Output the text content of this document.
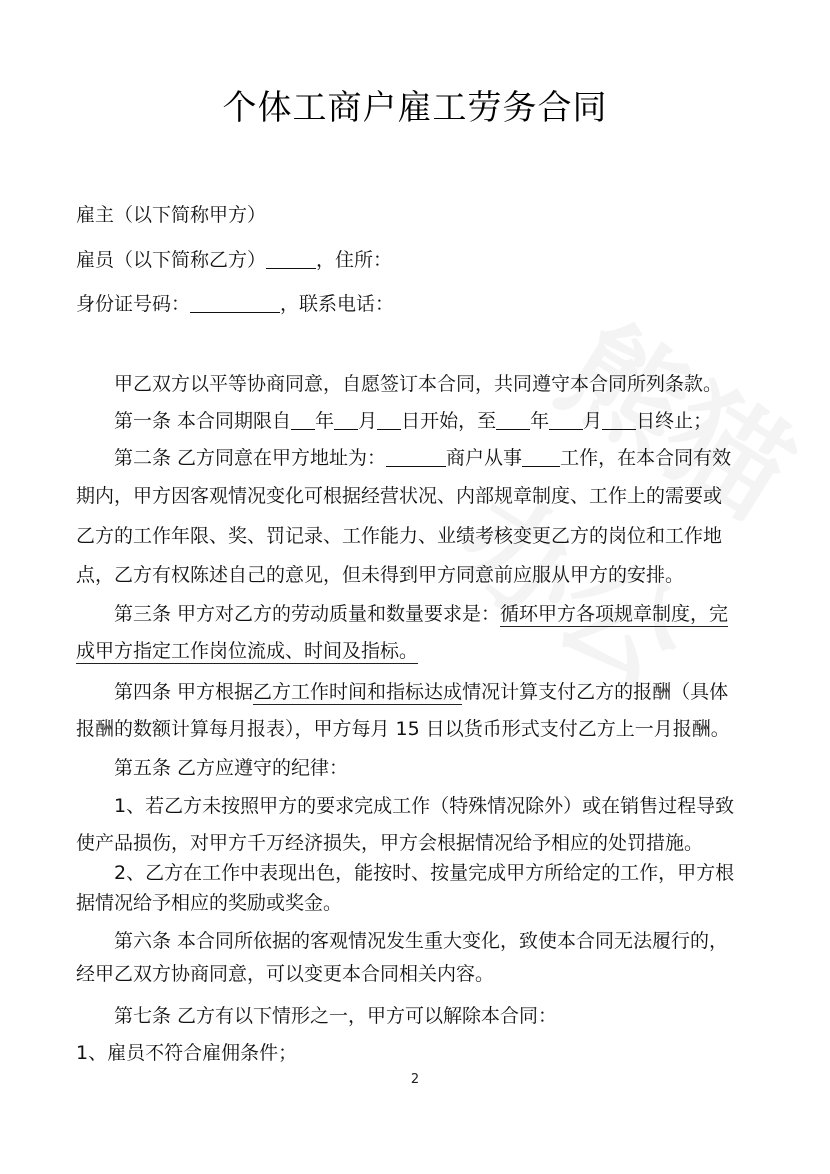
个体工商户雇工劳务合同
雇主（以下简称甲方）
雇员（以下简称乙方）	，住所：
身份证号码：	，联系电话：
甲乙双方以平等协商同意，自愿签订本合同，共同遵守本合同所列条款。
第一条 本合同期限自 年 月 日开始，至 年 月 日终止；
第二条 乙方同意在甲方地址为：	商户从事 工作，在本合同有效
期内，甲方因客观情况变化可根据经营状况、内部规章制度、工作上的需要或
乙方的工作年限、奖、罚记录、工作能力、业绩考核变更乙方的岗位和工作地
点，乙方有权陈述自己的意见，但未得到甲方同意前应服从甲方的安排。
第三条 甲方对乙方的劳动质量和数量要求是：循环甲方各项规章制度，完
成甲方指定工作岗位流成、时间及指标。
第四条 甲方根据乙方工作时间和指标达成情况计算支付乙方的报酬（具体
报酬的数额计算每月报表），甲方每月 15 日以货币形式支付乙方上一月报酬。
第五条 乙方应遵守的纪律：
1、若乙方未按照甲方的要求完成工作（特殊情况除外）或在销售过程导致
使产品损伤，对甲方千万经济损失，甲方会根据情况给予相应的处罚措施。
2、乙方在工作中表现出色，能按时、按量完成甲方所给定的工作，甲方根
据情况给予相应的奖励或奖金。
第六条 本合同所依据的客观情况发生重大变化，致使本合同无法履行的，
经甲乙双方协商同意，可以变更本合同相关内容。
第七条 乙方有以下情形之一，甲方可以解除本合同：
1、雇员不符合雇佣条件；
2
